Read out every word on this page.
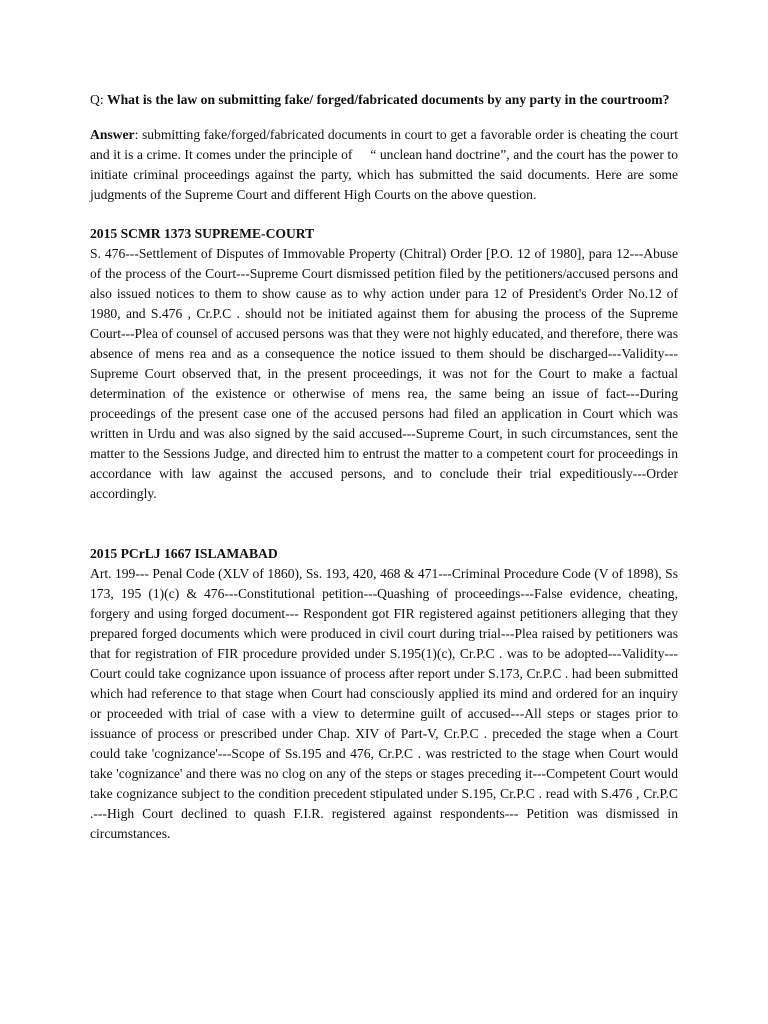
Q: What is the law on submitting fake/ forged/fabricated documents by any party in the courtroom?

Answer: submitting fake/forged/fabricated documents in court to get a favorable order is cheating the court and it is a crime. It comes under the principle of     “ unclean hand doctrine”, and the court has the power to initiate criminal proceedings against the party, which has submitted the said documents. Here are some judgments of the Supreme Court and different High Courts on the above question.

2015 SCMR 1373 SUPREME-COURT

S. 476---Settlement of Disputes of Immovable Property (Chitral) Order [P.O. 12 of 1980], para 12---Abuse of the process of the Court---Supreme Court dismissed petition filed by the petitioners/accused persons and also issued notices to them to show cause as to why action under para 12 of President's Order No.12 of 1980, and S.476 , Cr.P.C . should not be initiated against them for abusing the process of the Supreme Court---Plea of counsel of accused persons was that they were not highly educated, and therefore, there was absence of mens rea and as a consequence the notice issued to them should be discharged---Validity---Supreme Court observed that, in the present proceedings, it was not for the Court to make a factual determination of the existence or otherwise of mens rea, the same being an issue of fact---During proceedings of the present case one of the accused persons had filed an application in Court which was written in Urdu and was also signed by the said accused---Supreme Court, in such circumstances, sent the matter to the Sessions Judge, and directed him to entrust the matter to a competent court for proceedings in accordance with law against the accused persons, and to conclude their trial expeditiously---Order accordingly.

2015 PCrLJ 1667 ISLAMABAD

Art. 199--- Penal Code (XLV of 1860), Ss. 193, 420, 468 & 471---Criminal Procedure Code (V of 1898), Ss 173, 195 (1)(c) & 476---Constitutional petition---Quashing of proceedings---False evidence, cheating, forgery and using forged document--- Respondent got FIR registered against petitioners alleging that they prepared forged documents which were produced in civil court during trial---Plea raised by petitioners was that for registration of FIR procedure provided under S.195(1)(c), Cr.P.C . was to be adopted---Validity---Court could take cognizance upon issuance of process after report under S.173, Cr.P.C . had been submitted which had reference to that stage when Court had consciously applied its mind and ordered for an inquiry or proceeded with trial of case with a view to determine guilt of accused---All steps or stages prior to issuance of process or prescribed under Chap. XIV of Part-V, Cr.P.C . preceded the stage when a Court could take 'cognizance'---Scope of Ss.195 and 476, Cr.P.C . was restricted to the stage when Court would take 'cognizance' and there was no clog on any of the steps or stages preceding it---Competent Court would take cognizance subject to the condition precedent stipulated under S.195, Cr.P.C . read with S.476 , Cr.P.C .---High Court declined to quash F.I.R. registered against respondents--- Petition was dismissed in circumstances.
